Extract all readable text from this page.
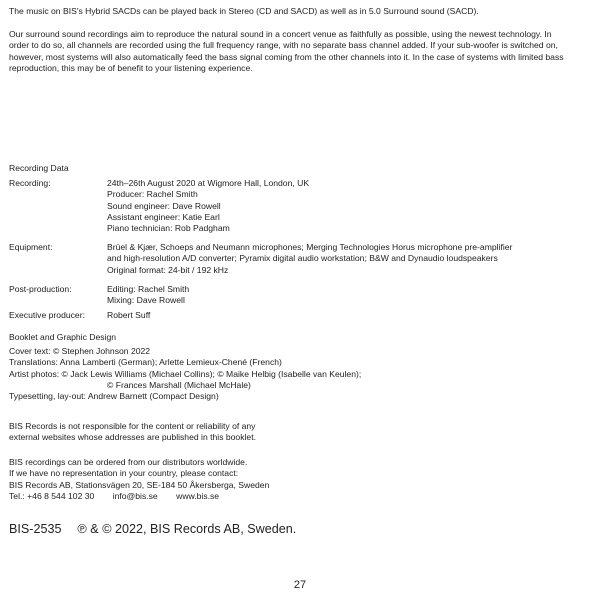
The music on BIS's Hybrid SACDs can be played back in Stereo (CD and SACD) as well as in 5.0 Surround sound (SACD).

Our surround sound recordings aim to reproduce the natural sound in a concert venue as faithfully as possible, using the newest technology. In order to do so, all channels are recorded using the full frequency range, with no separate bass channel added. If your sub-woofer is switched on, however, most systems will also automatically feed the bass signal coming from the other channels into it. In the case of systems with limited bass reproduction, this may be of benefit to your listening experience.

Recording Data
Recording:	24th–26th August 2020 at Wigmore Hall, London, UK
Producer: Rachel Smith
Sound engineer: Dave Rowell
Assistant engineer: Katie Earl
Piano technician: Rob Padgham
Equipment:	Brüel & Kjær, Schoeps and Neumann microphones; Merging Technologies Horus microphone pre-amplifier
and high-resolution A/D converter; Pyramix digital audio workstation; B&W and Dynaudio loudspeakers
Original format: 24-bit / 192 kHz
Post-production:	Editing: Rachel Smith
Mixing: Dave Rowell
Executive producer:	Robert Suff
Booklet and Graphic Design
Cover text: © Stephen Johnson 2022
Translations: Anna Lamberti (German); Arlette Lemieux-Chené (French)
Artist photos: © Jack Lewis Williams (Michael Collins); © Maike Helbig (Isabelle van Keulen);
© Frances Marshall (Michael McHale)
Typesetting, lay-out: Andrew Barnett (Compact Design)
BIS Records is not responsible for the content or reliability of any
external websites whose addresses are published in this booklet.
BIS recordings can be ordered from our distributors worldwide.
If we have no representation in your country, please contact:
BIS Records AB, Stationsvägen 20, SE-184 50 Åkersberga, Sweden
Tel.: +46 8 544 102 30 info@bis.se www.bis.se
BIS-2535 ℗ & © 2022, BIS Records AB, Sweden.
27
